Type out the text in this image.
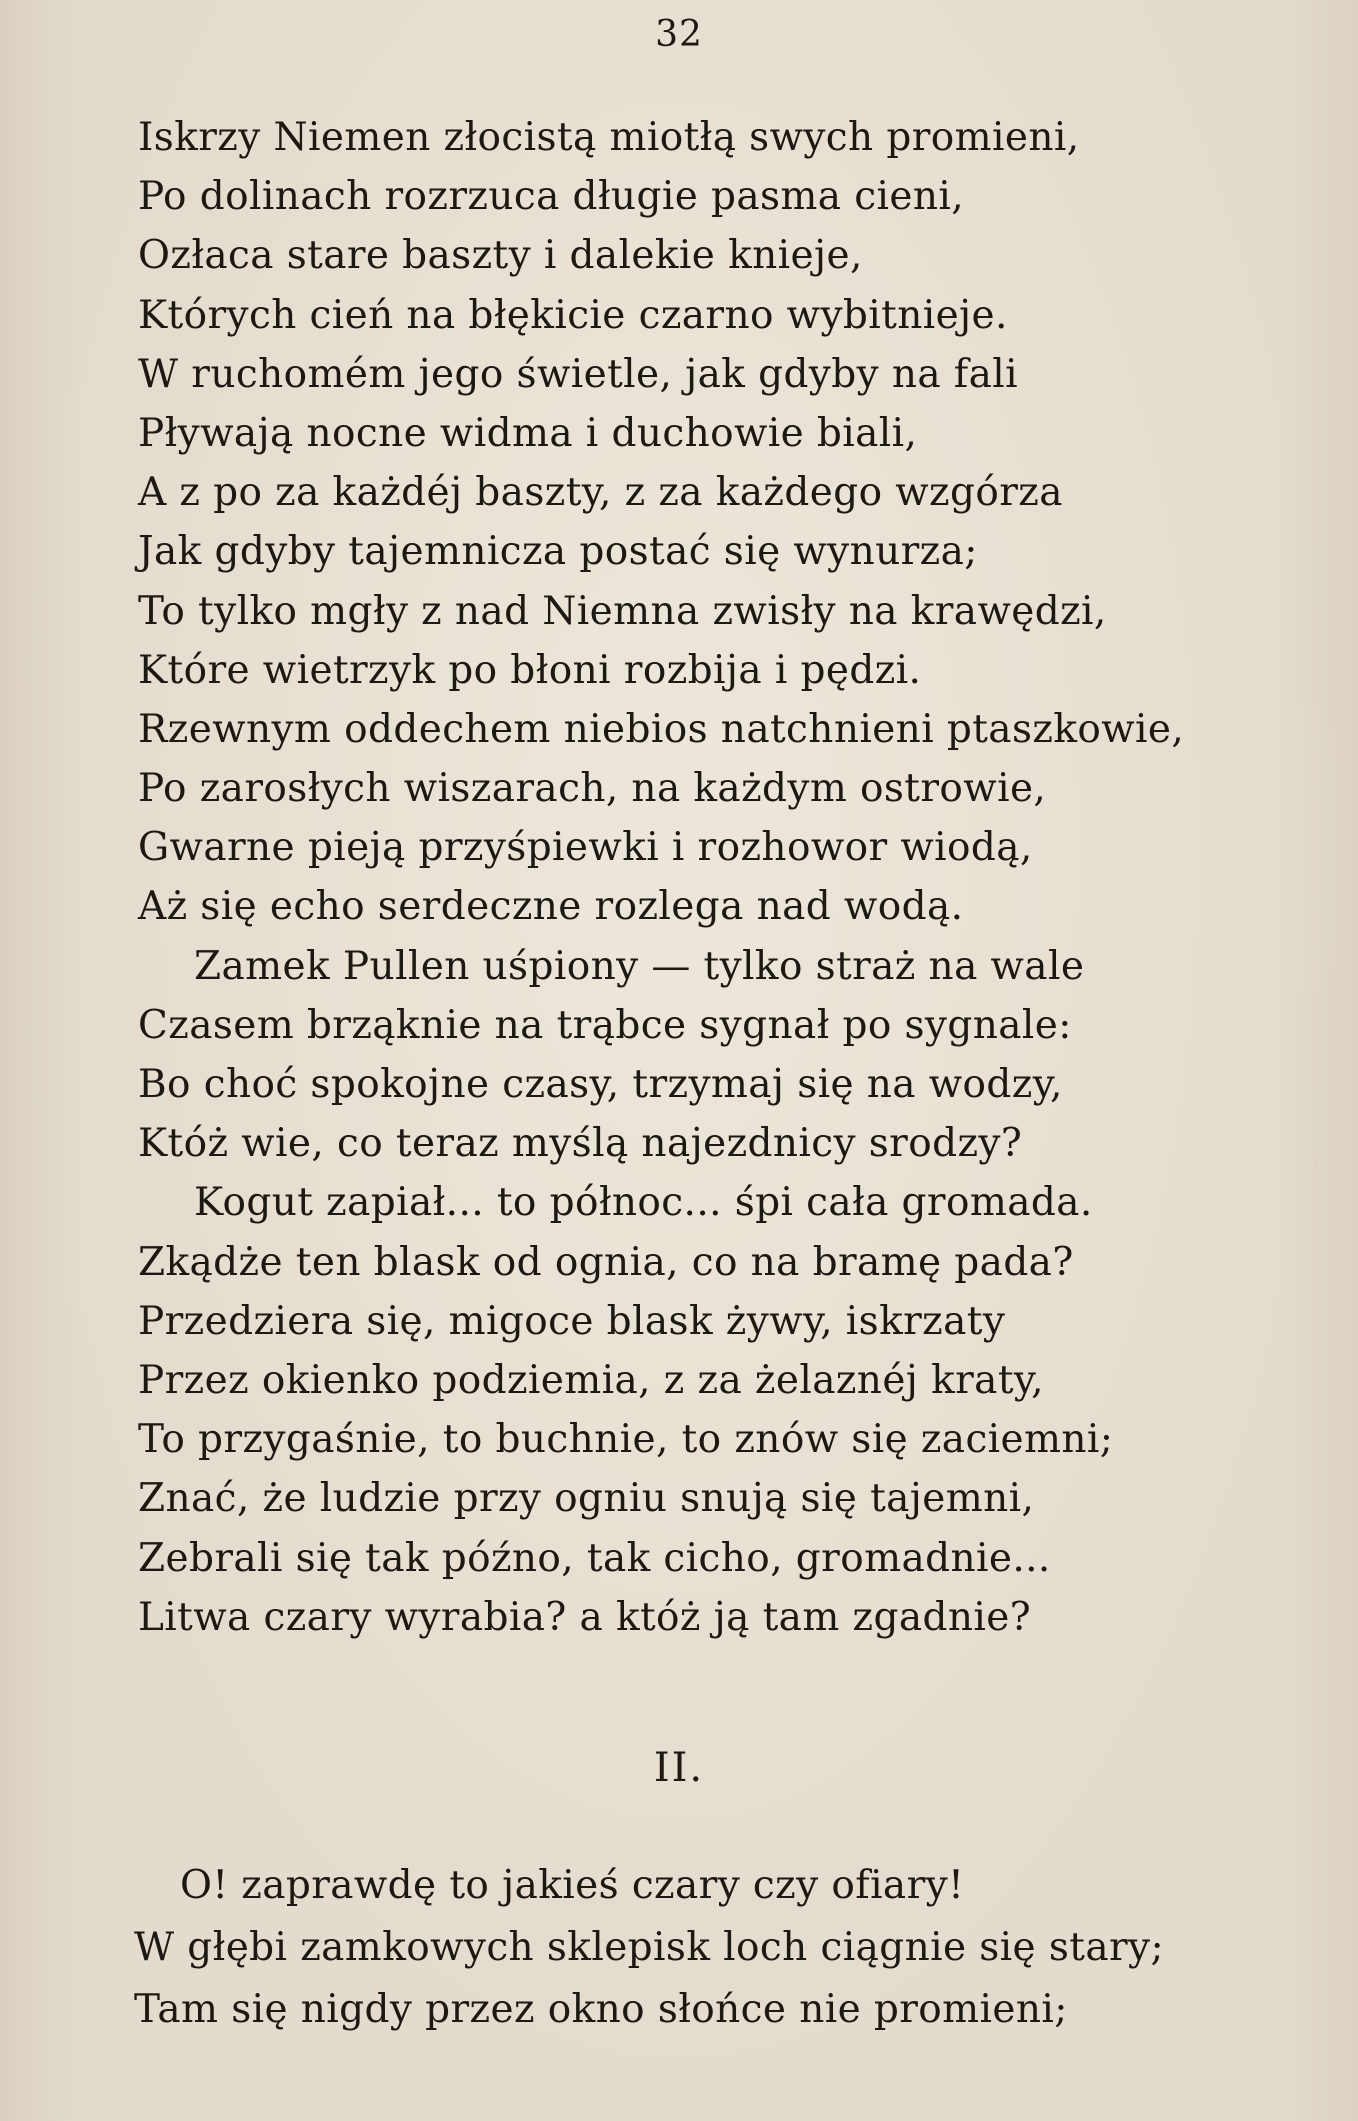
32
Iskrzy Niemen złocistą miotłą swych promieni,
Po dolinach rozrzuca długie pasma cieni,
Ozłaca stare baszty i dalekie knieje,
Których cień na błękicie czarno wybitnieje.
W ruchomém jego świetle, jak gdyby na fali
Pływają nocne widma i duchowie biali,
A z po za każdéj baszty, z za każdego wzgórza
Jak gdyby tajemnicza postać się wynurza;
To tylko mgły z nad Niemna zwisły na krawędzi,
Które wietrzyk po błoni rozbija i pędzi.
Rzewnym oddechem niebios natchnieni ptaszkowie,
Po zarosłych wiszarach, na każdym ostrowie,
Gwarne pieją przyśpiewki i rozhowor wiodą,
Aż się echo serdeczne rozlega nad wodą.
Zamek Pullen uśpiony — tylko straż na wale
Czasem brząknie na trąbce sygnał po sygnale:
Bo choć spokojne czasy, trzymaj się na wodzy,
Któż wie, co teraz myślą najezdnicy srodzy?
Kogut zapiał... to północ... śpi cała gromada.
Zkądże ten blask od ognia, co na bramę pada?
Przedziera się, migoce blask żywy, iskrzaty
Przez okienko podziemia, z za żelaznéj kraty,
To przygaśnie, to buchnie, to znów się zaciemni;
Znać, że ludzie przy ogniu snują się tajemni,
Zebrali się tak późno, tak cicho, gromadnie...
Litwa czary wyrabia? a któż ją tam zgadnie?
II.
O! zaprawdę to jakieś czary czy ofiary!
W głębi zamkowych sklepisk loch ciągnie się stary;
Tam się nigdy przez okno słońce nie promieni;
